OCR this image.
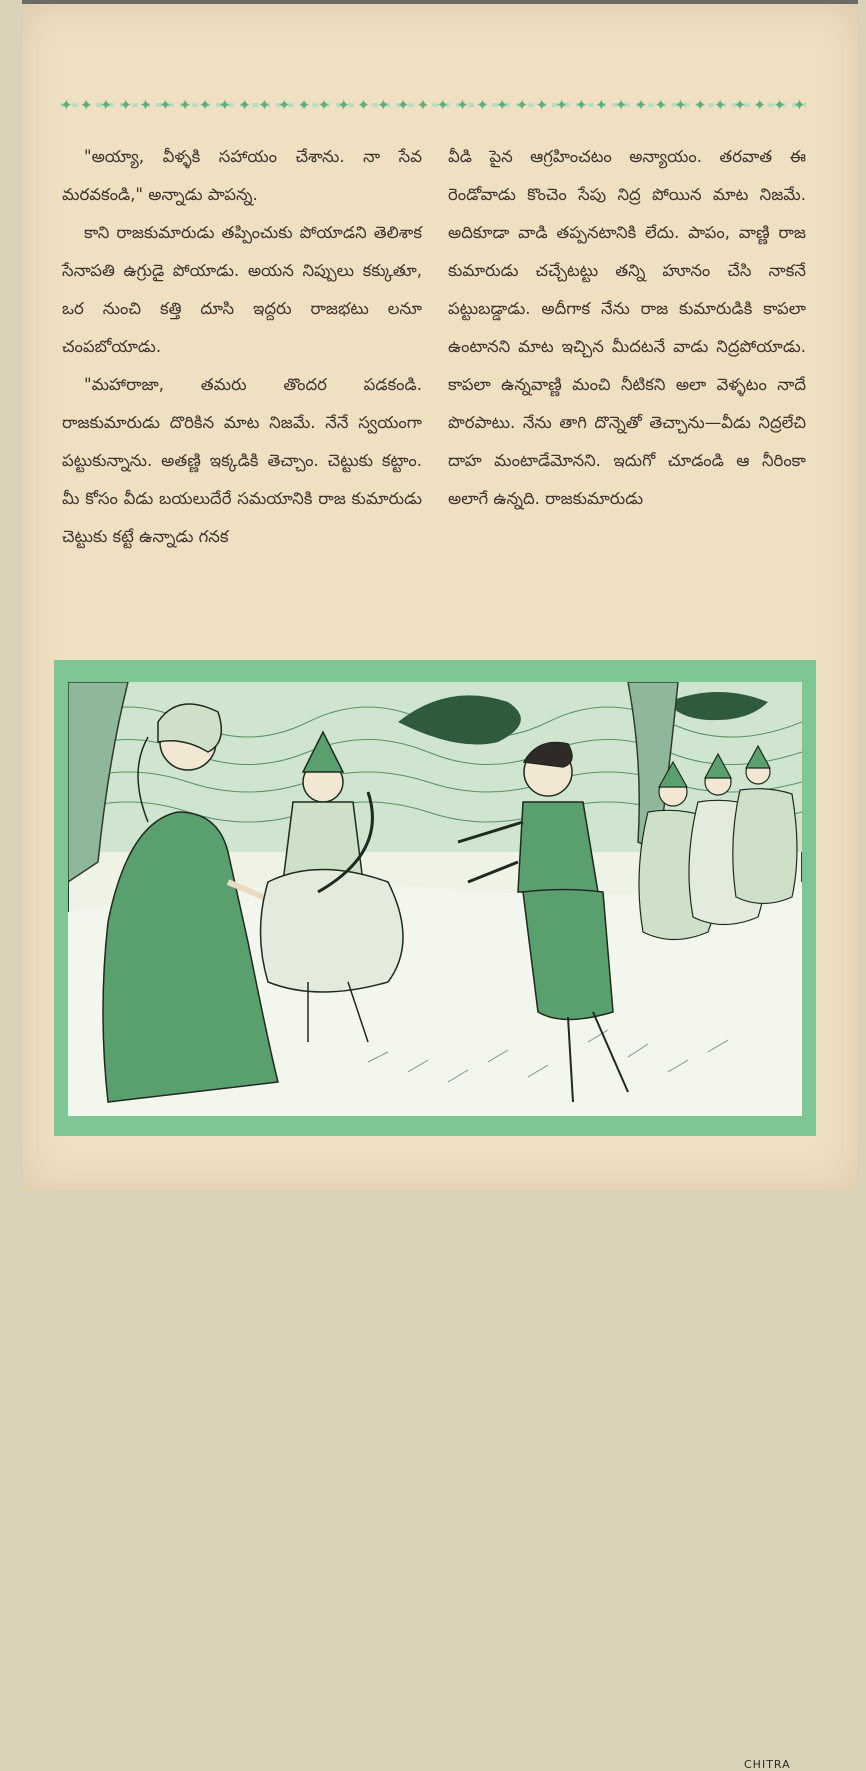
✦ ✦ ✦ ✦ ✦ ✦ ✦ ✦ ✦ ✦ ✦ ✦ ✦ ✦ ✦ ✦ ✦ ✦ ✦ ✦ ✦ ✦ ✦ ✦ ✦ ✦ ✦ ✦ ✦ ✦ ✦ ✦ ✦ ✦ ✦ ✦ ✦ ✦

"అయ్యా, వీళ్ళకి సహాయం చేశాను. నా సేవ మరవకండి," అన్నాడు పాపన్న.

కాని రాజకుమారుడు తప్పించుకు పోయాడని తెలిశాక సేనాపతి ఉగ్రుడై పోయాడు. అయన నిప్పులు కక్కుతూ, ఒర నుంచి కత్తి దూసి ఇద్దరు రాజభటు లనూ చంపబోయాడు.

"మహారాజా, తమరు తొందర పడకండి. రాజకుమారుడు దొరికిన మాట నిజమే. నేనే స్వయంగా పట్టుకున్నాను. అతణ్ణి ఇక్కడికి తెచ్చాం. చెట్టుకు కట్టాం. మీ కోసం వీడు బయలుదేరే సమయానికి రాజ కుమారుడు చెట్టుకు కట్టే ఉన్నాడు గనక

వీడి పైన ఆగ్రహించటం అన్యాయం. తరవాత ఈ రెండోవాడు కొంచెం సేపు నిద్ర పోయిన మాట నిజమే. అదికూడా వాడి తప్పనటానికి లేదు. పాపం, వాణ్ణి రాజ కుమారుడు చచ్చేటట్టు తన్ని హూనం చేసి నాకనే పట్టుబడ్డాడు. అదీగాక నేను రాజ కుమారుడికి కాపలా ఉంటానని మాట ఇచ్చిన మీదటనే వాడు నిద్రపోయాడు. కాపలా ఉన్నవాణ్ణి మంచి నీటికని అలా వెళ్ళటం నాదే పొరపాటు. నేను తాగి దొన్నెతో తెచ్చాను—వీడు నిద్రలేచి దాహ మంటాడేమోనని. ఇదుగో చూడండి ఆ నీరింకా అలాగే ఉన్నది. రాజకుమారుడు

CHITRA
